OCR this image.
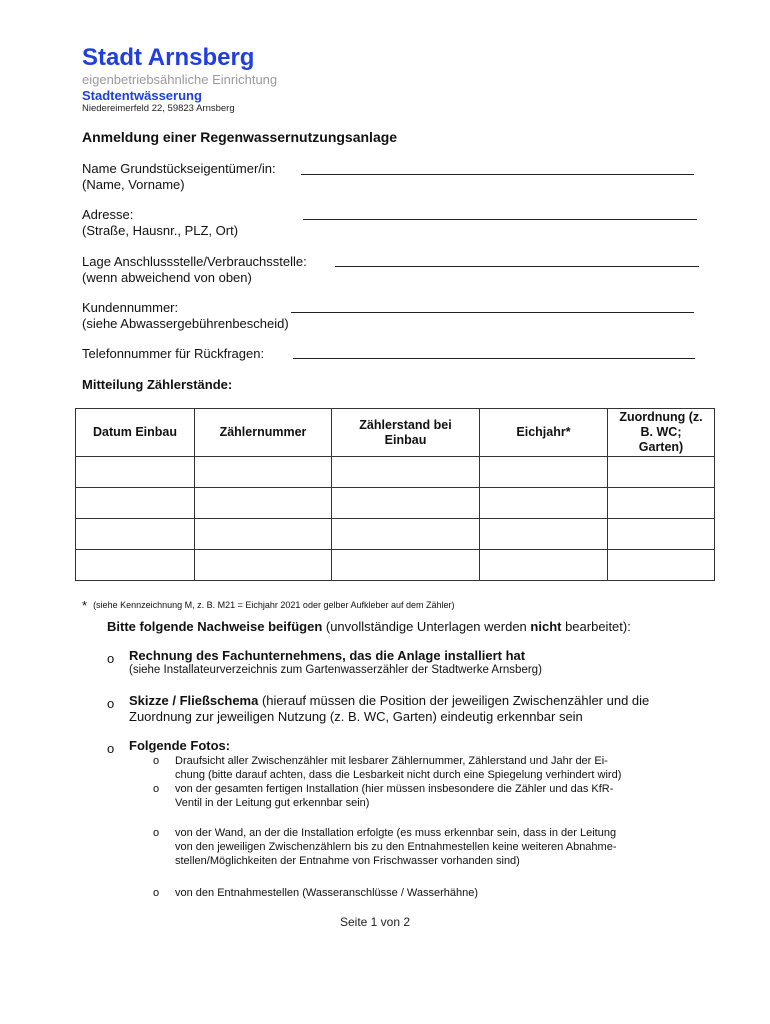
Stadt Arnsberg
eigenbetriebsähnliche Einrichtung
Stadtentwässerung
Niedereimerfeld 22, 59823 Arnsberg
Anmeldung einer Regenwassernutzungsanlage
Name Grundstückseigentümer/in:
(Name, Vorname)
Adresse:
(Straße, Hausnr., PLZ, Ort)
Lage Anschlussstelle/Verbrauchsstelle:
(wenn abweichend von oben)
Kundennummer:
(siehe Abwassergebührenbescheid)
Telefonnummer für Rückfragen:
Mitteilung Zählerstände:
Datum Einbau	Zählernummer	Zählerstand bei Einbau	Eichjahr*	Zuordnung (z. B. WC; Garten)

* (siehe Kennzeichnung M, z. B. M21 = Eichjahr 2021 oder gelber Aufkleber auf dem Zähler)
Bitte folgende Nachweise beifügen (unvollständige Unterlagen werden nicht bearbeitet):
o Rechnung des Fachunternehmens, das die Anlage installiert hat
(siehe Installateurverzeichnis zum Gartenwasserzähler der Stadtwerke Arnsberg)
o Skizze / Fließschema (hierauf müssen die Position der jeweiligen Zwischenzähler und die
Zuordnung zur jeweiligen Nutzung (z. B. WC, Garten) eindeutig erkennbar sein
o Folgende Fotos:
o Draufsicht aller Zwischenzähler mit lesbarer Zählernummer, Zählerstand und Jahr der Ei-
chung (bitte darauf achten, dass die Lesbarkeit nicht durch eine Spiegelung verhindert wird)
o von der gesamten fertigen Installation (hier müssen insbesondere die Zähler und das KfR-
Ventil in der Leitung gut erkennbar sein)
o von der Wand, an der die Installation erfolgte (es muss erkennbar sein, dass in der Leitung
von den jeweiligen Zwischenzählern bis zu den Entnahmestellen keine weiteren Abnahme-
stellen/Möglichkeiten der Entnahme von Frischwasser vorhanden sind)
o von den Entnahmestellen (Wasseranschlüsse / Wasserhähne)
Seite 1 von 2
